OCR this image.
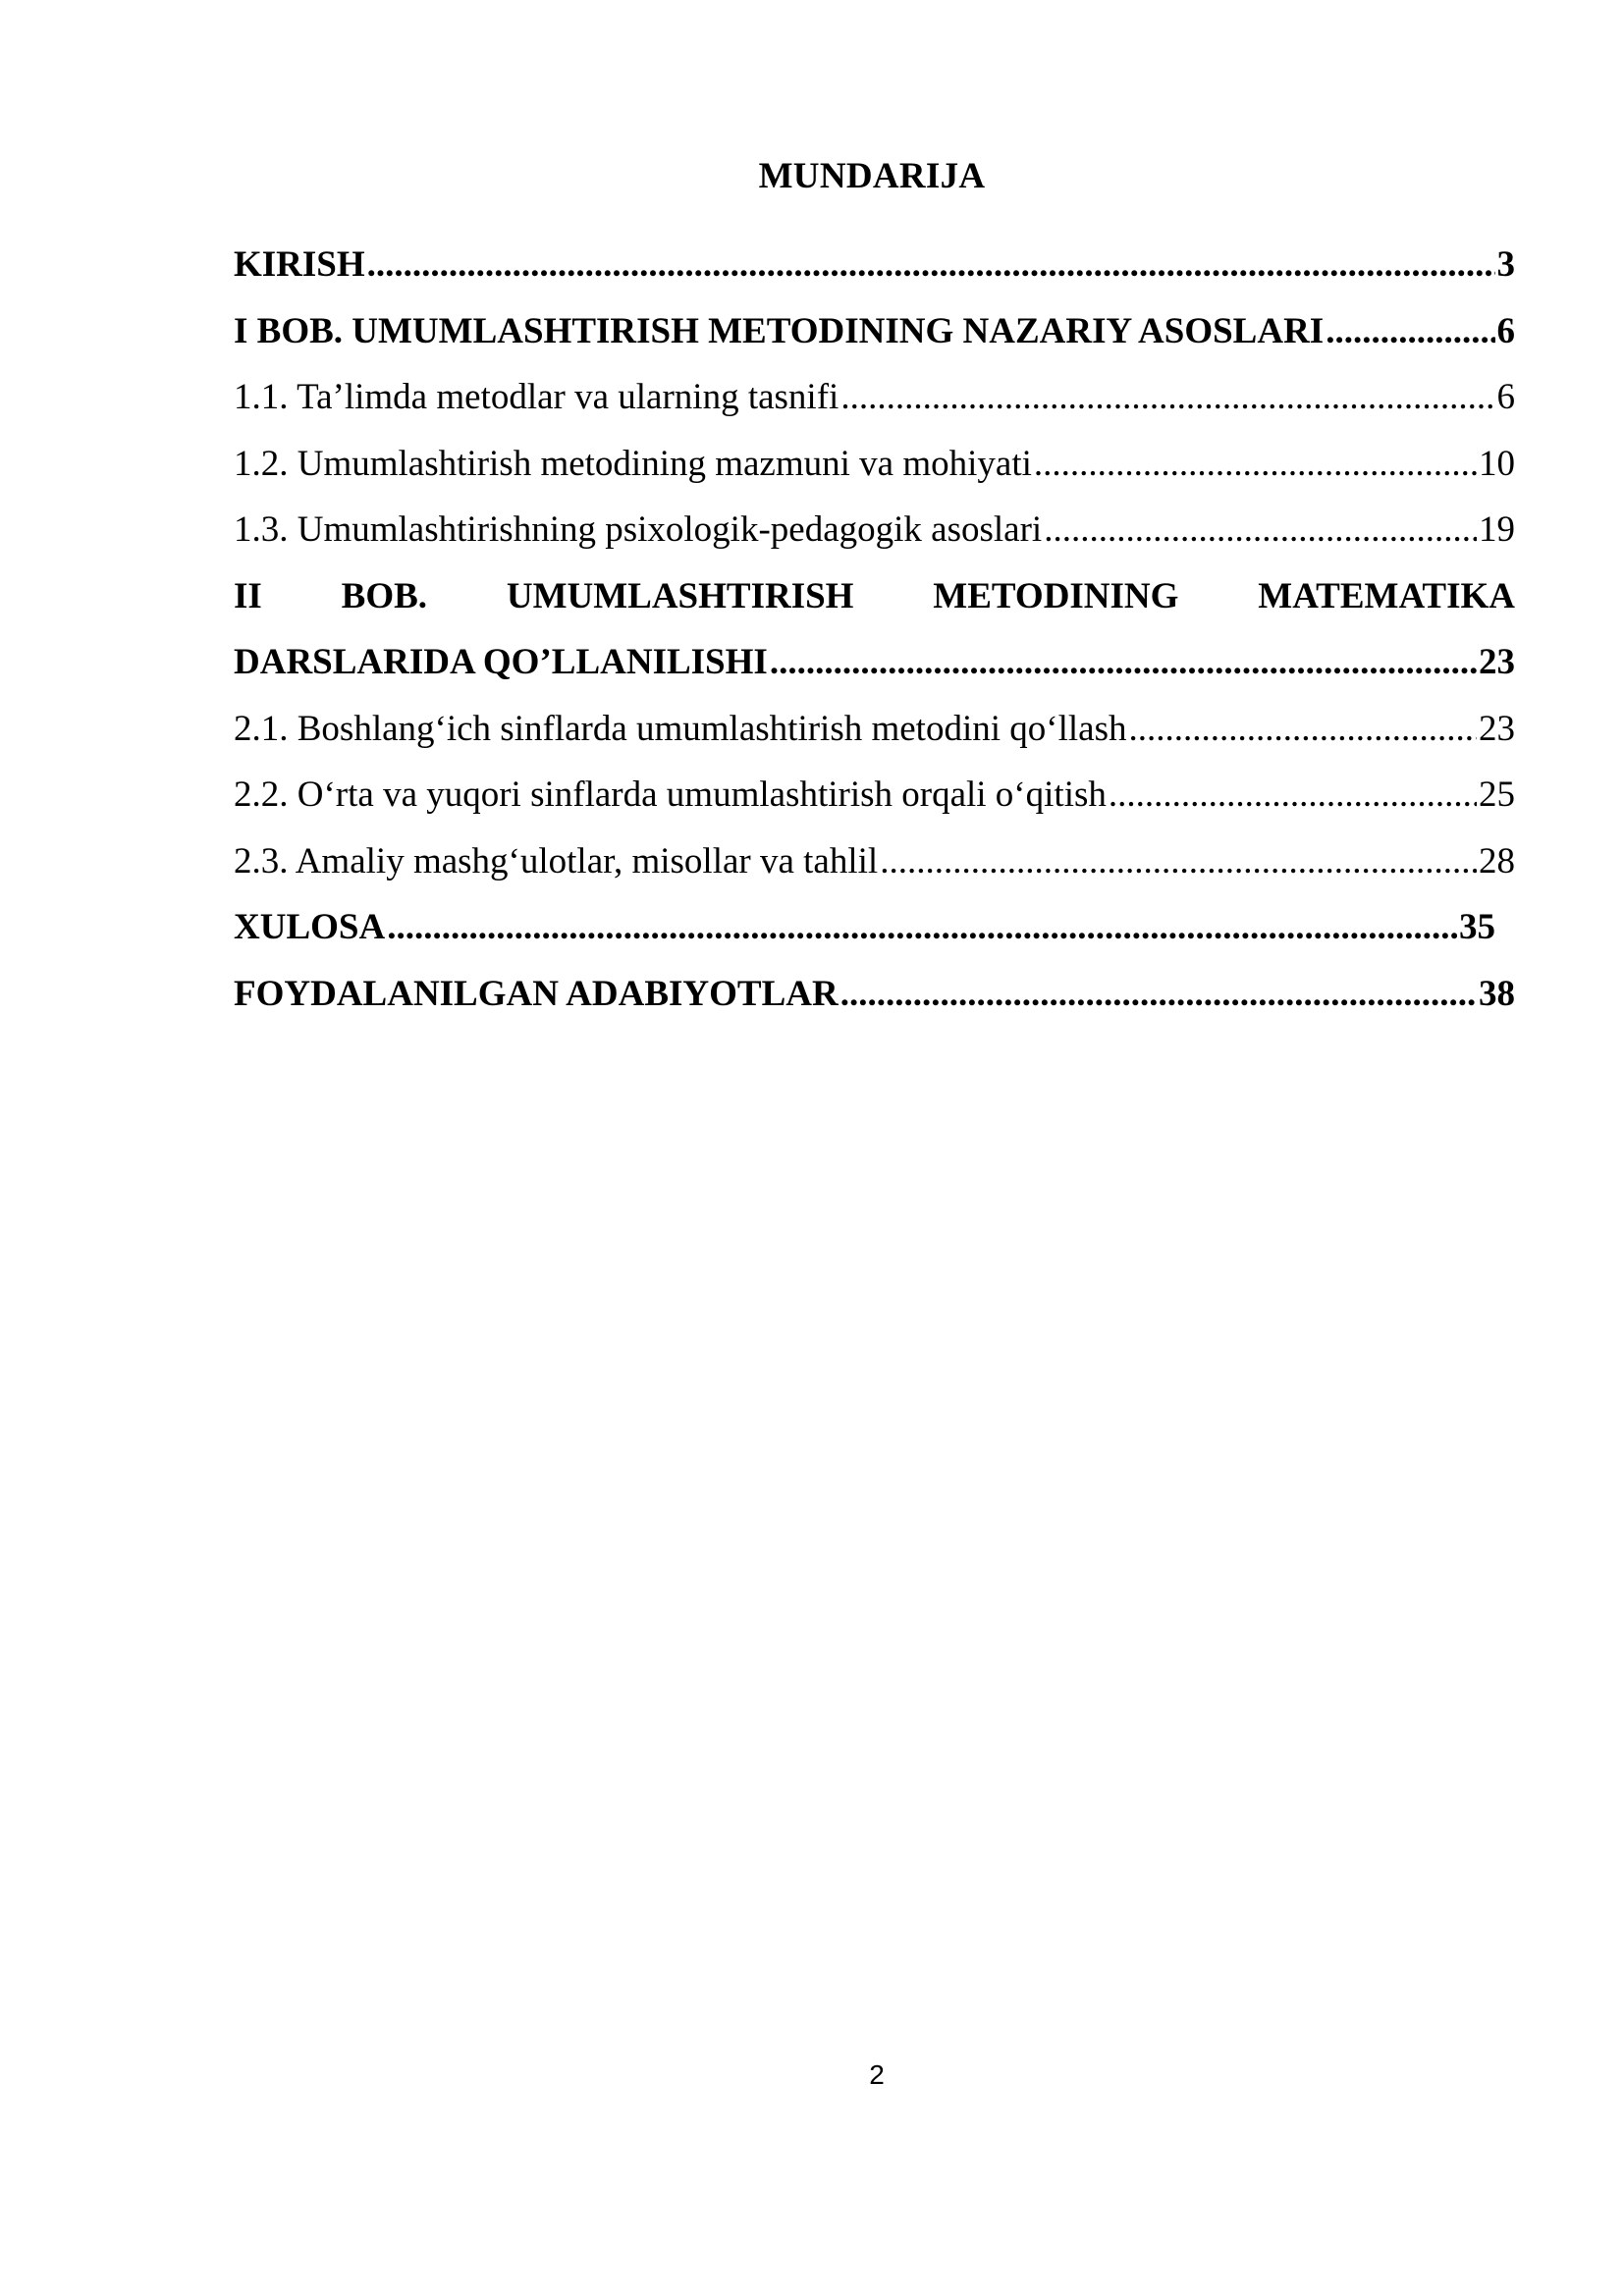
MUNDARIJA
KIRISH .....	3
I BOB. UMUMLASHTIRISH METODINING NAZARIY ASOSLARI .....	6
1.1. Ta’limda metodlar va ularning tasnifi .....	6
1.2. Umumlashtirish metodining mazmuni va mohiyati .....	10
1.3. Umumlashtirishning psixologik-pedagogik asoslari .....	19
II BOB. UMUMLASHTIRISH METODINING MATEMATIKA
DARSLARIDA QO’LLANILISHI .....	23
2.1. Boshlang‘ich sinflarda umumlashtirish metodini qo‘llash .....	23
2.2. O‘rta va yuqori sinflarda umumlashtirish orqali o‘qitish .....	25
2.3. Amaliy mashg‘ulotlar, misollar va tahlil .....	28
XULOSA .....	35
FOYDALANILGAN ADABIYOTLAR .....	38
2
